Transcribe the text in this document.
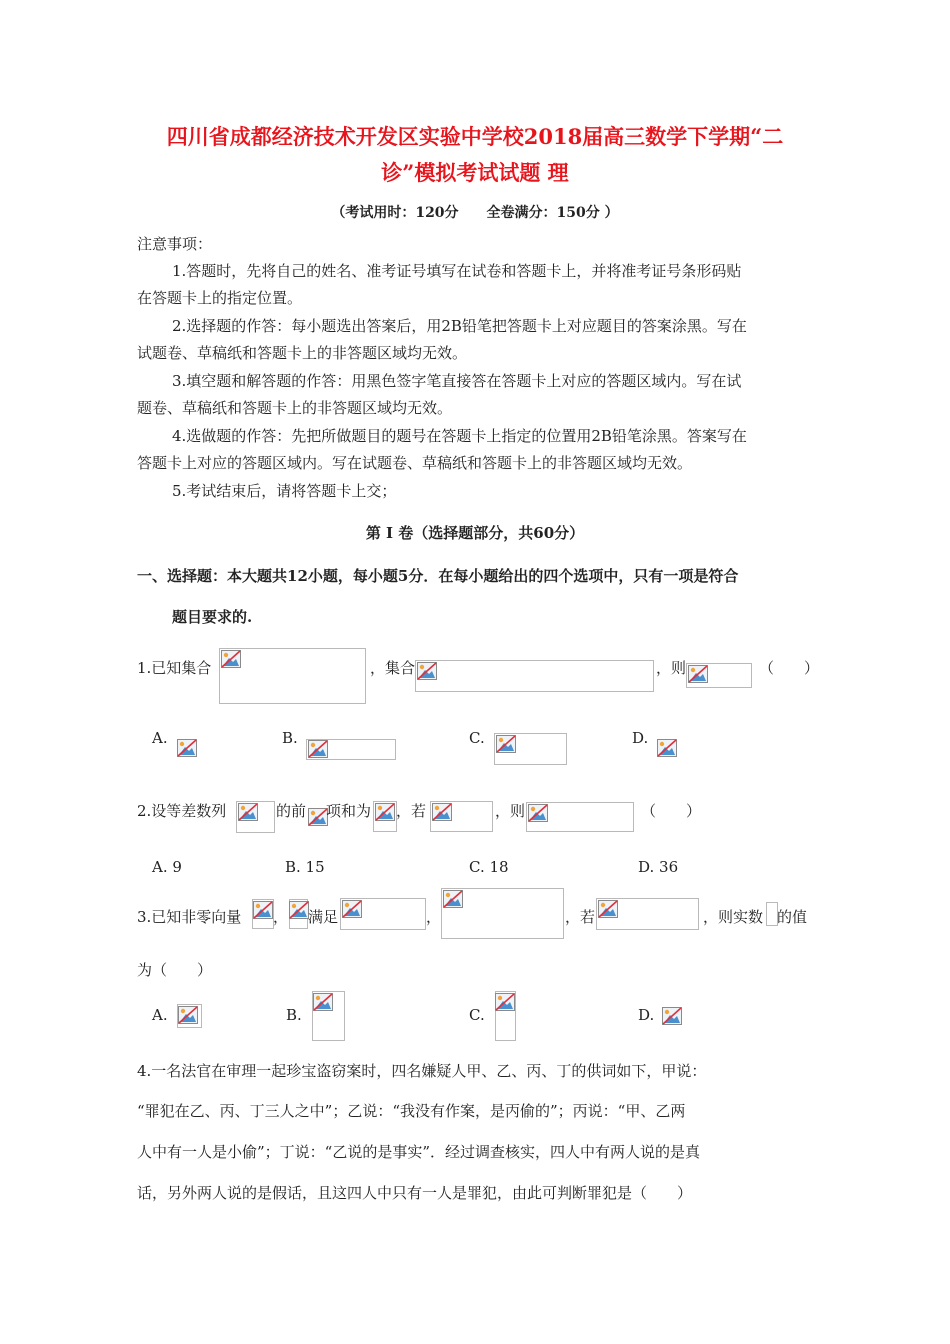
四川省成都经济技术开发区实验中学校2018届高三数学下学期“二
诊”模拟考试试题 理
（考试用时：120分　　全卷满分：150分 ）
注意事项：
1.答题时，先将自己的姓名、准考证号填写在试卷和答题卡上，并将准考证号条形码贴
在答题卡上的指定位置。
2.选择题的作答：每小题选出答案后，用2B铅笔把答题卡上对应题目的答案涂黑。写在
试题卷、草稿纸和答题卡上的非答题区域均无效。
3.填空题和解答题的作答：用黑色签字笔直接答在答题卡上对应的答题区域内。写在试
题卷、草稿纸和答题卡上的非答题区域均无效。
4.选做题的作答：先把所做题目的题号在答题卡上指定的位置用2B铅笔涂黑。答案写在
答题卡上对应的答题区域内。写在试题卷、草稿纸和答题卡上的非答题区域均无效。
5.考试结束后，请将答题卡上交；
第 I 卷（选择题部分，共60分）
一、选择题：本大题共12小题，每小题5分．在每小题给出的四个选项中，只有一项是符合
题目要求的.
1.已知集合	，集合	，则	（　　）
A.	B.	C.	D.
2.设等差数列	的前 项和为 ，若	，则	（　　）
A. 9	B. 15	C. 18	D. 36
3.已知非零向量 ， 满足	，	，若	，则实数 的值
为（　　）
A.	B.	C.	D.
4.一名法官在审理一起珍宝盗窃案时，四名嫌疑人甲、乙、丙、丁的供词如下，甲说：
“罪犯在乙、丙、丁三人之中”；乙说：“我没有作案，是丙偷的”；丙说：“甲、乙两
人中有一人是小偷”；丁说：“乙说的是事实”．经过调查核实，四人中有两人说的是真
话，另外两人说的是假话，且这四人中只有一人是罪犯，由此可判断罪犯是（　　）
